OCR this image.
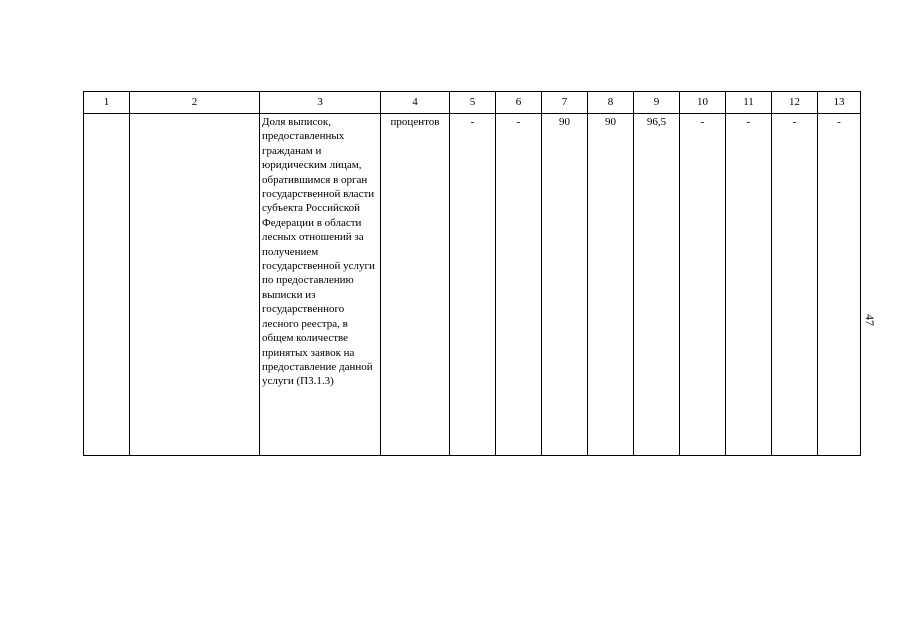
1	2	3	4	5	6	7	8	9	10	11	12	13
		Доля выписок, предоставленных гражданам и юридическим лицам, обратившимся в орган государственной власти субъекта Российской Федерации в области лесных отношений за получением государственной услуги по предоставлению выписки из государственного лесного реестра, в общем количестве принятых заявок на предоставление данной услуги (П3.1.3)	процентов	-	-	90	90	96,5	-	-	-	-
47
